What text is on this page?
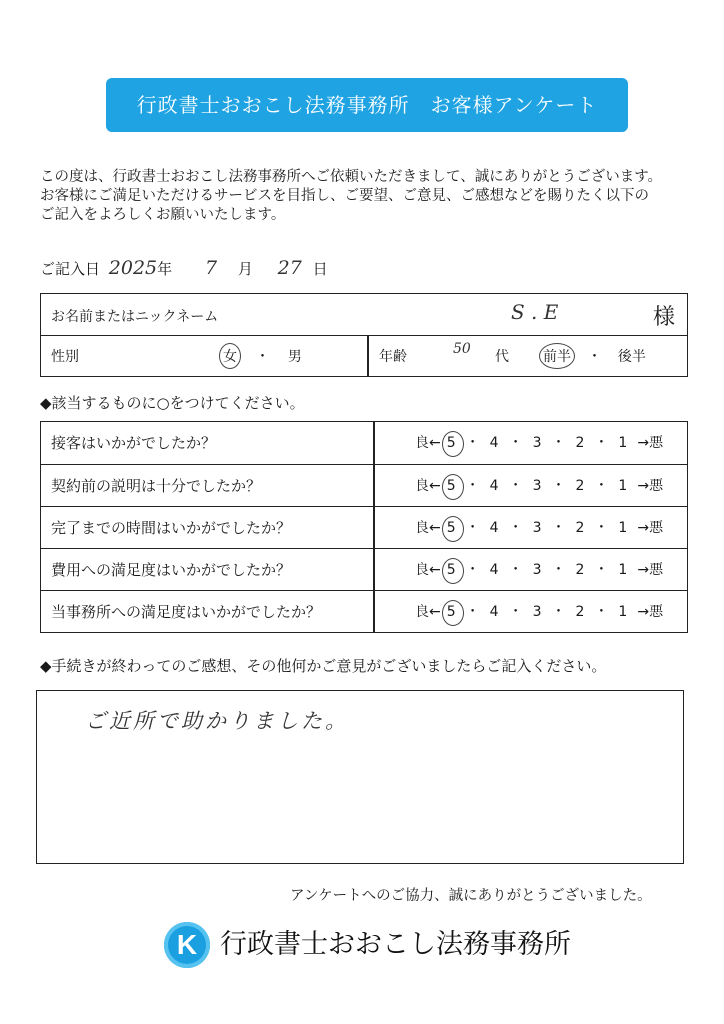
行政書士おおこし法務事務所　お客様アンケート
この度は、行政書士おおこし法務事務所へご依頼いただきまして、誠にありがとうございます。
お客様にご満足いただけるサービスを目指し、ご要望、ご意見、ご感想などを賜りたく以下の
ご記入をよろしくお願いいたします。
ご記入日 2025年 7 月 27 日
お名前またはニックネーム	S . E	様
性別	女 ・ 男	年齢	50 代 前半 ・ 後半
◆該当するものに○をつけてください。
接客はいかがでしたか？	良← 5 ・ 4 ・ 3 ・ 2 ・ 1 →悪
契約前の説明は十分でしたか？	良← 5 ・ 4 ・ 3 ・ 2 ・ 1 →悪
完了までの時間はいかがでしたか？	良← 5 ・ 4 ・ 3 ・ 2 ・ 1 →悪
費用への満足度はいかがでしたか？	良← 5 ・ 4 ・ 3 ・ 2 ・ 1 →悪
当事務所への満足度はいかがでしたか？	良← 5 ・ 4 ・ 3 ・ 2 ・ 1 →悪
◆手続きが終わってのご感想、その他何かご意見がございましたらご記入ください。
ご近所で助かりました。
アンケートへのご協力、誠にありがとうございました。
K 行政書士おおこし法務事務所
